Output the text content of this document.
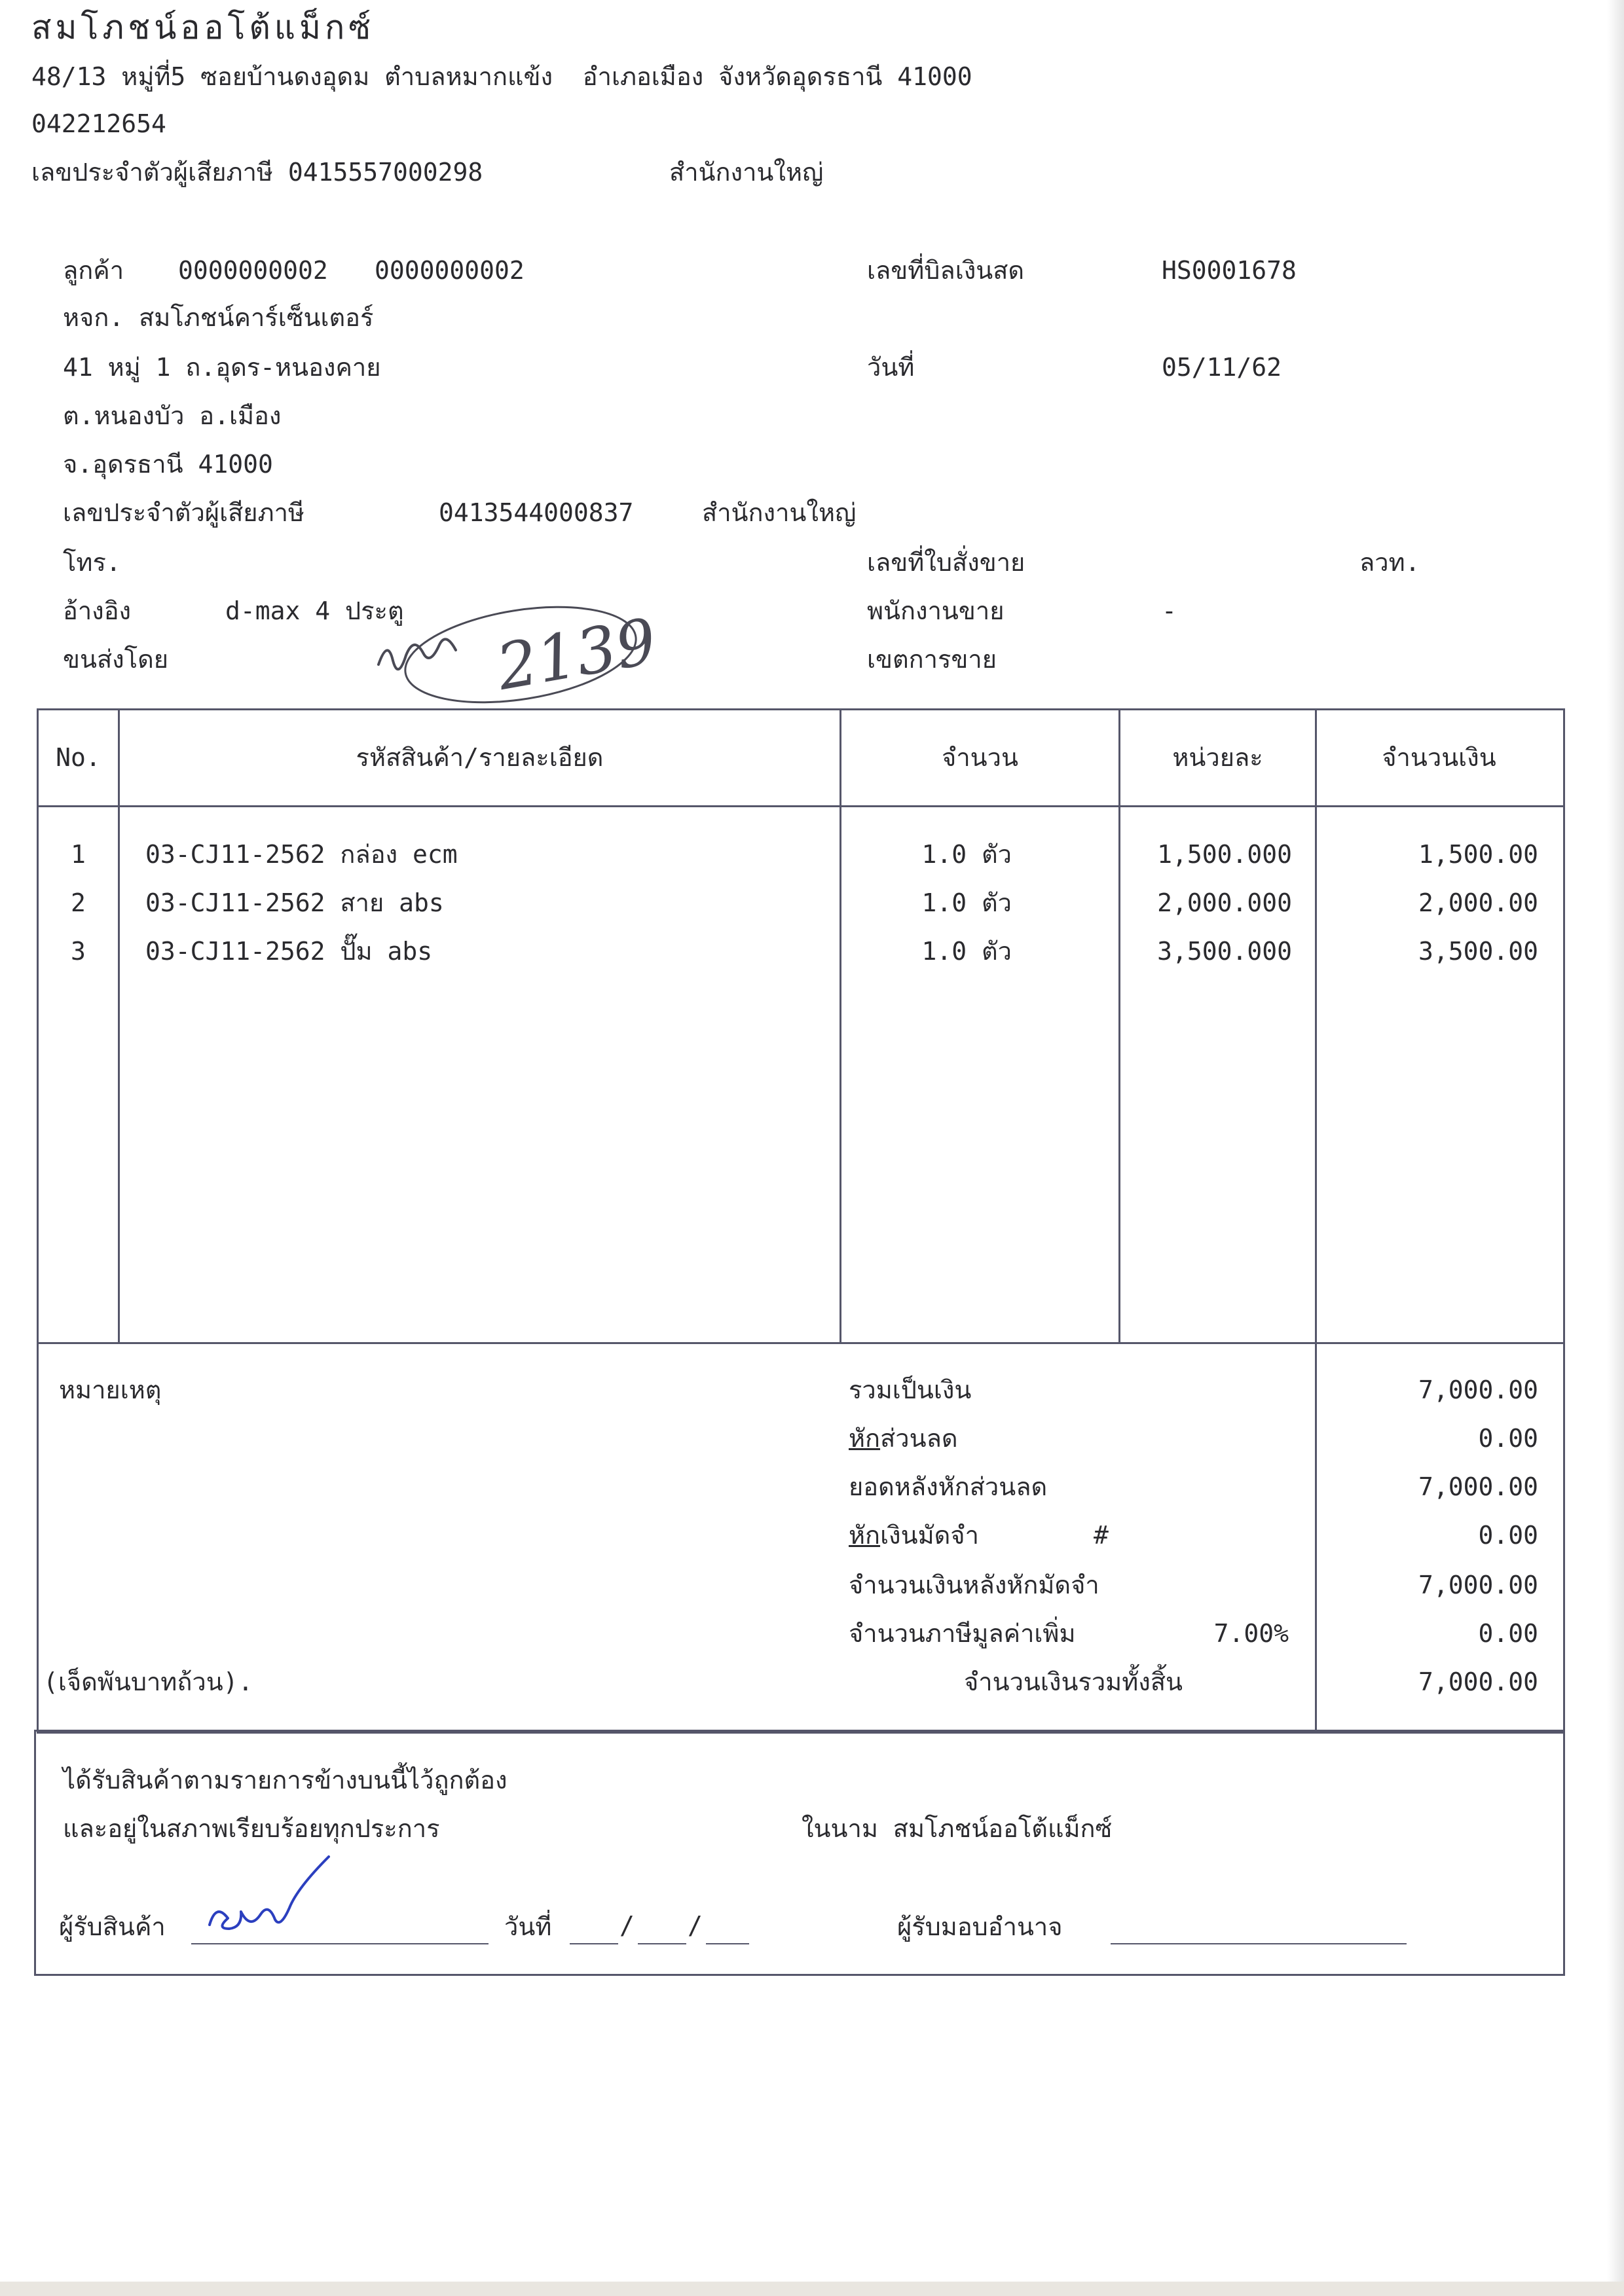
สมโภชน์ออโต้แม็กซ์
48/13 หมู่ที่5 ซอยบ้านดงอุดม ตำบลหมากแข้ง  อำเภอเมือง จังหวัดอุดรธานี 41000
042212654
เลขประจำตัวผู้เสียภาษี 0415557000298	สำนักงานใหญ่
ลูกค้า 0000000002 0000000002
หจก. สมโภชน์คาร์เซ็นเตอร์
41 หมู่ 1 ถ.อุดร-หนองคาย
ต.หนองบัว อ.เมือง
จ.อุดรธานี 41000
เลขประจำตัวผู้เสียภาษี	0413544000837	สำนักงานใหญ่
โทร.
อ้างอิง	d-max 4 ประตู
ขนส่งโดย
เลขที่บิลเงินสด	HS0001678
วันที่	05/11/62
เลขที่ใบสั่งขาย	ลวท.
พนักงานขาย	-
เขตการขาย
2139
No.	รหัสสินค้า/รายละเอียด	จำนวน	หน่วยละ	จำนวนเงิน
1	03-CJ11-2562 กล่อง ecm	1.0 ตัว	1,500.000	1,500.00
2	03-CJ11-2562 สาย abs	1.0 ตัว	2,000.000	2,000.00
3	03-CJ11-2562 ปั๊ม abs	1.0 ตัว	3,500.000	3,500.00
หมายเหตุ
(เจ็ดพันบาทถ้วน).
รวมเป็นเงิน	7,000.00
หักส่วนลด	0.00
ยอดหลังหักส่วนลด	7,000.00
หักเงินมัดจำ	#	0.00
จำนวนเงินหลังหักมัดจำ	7,000.00
จำนวนภาษีมูลค่าเพิ่ม	7.00%	0.00
จำนวนเงินรวมทั้งสิ้น	7,000.00
ได้รับสินค้าตามรายการข้างบนนี้ไว้ถูกต้อง
และอยู่ในสภาพเรียบร้อยทุกประการ	ในนาม สมโภชน์ออโต้แม็กซ์
ผู้รับสินค้า	วันที่	/ /	ผู้รับมอบอำนาจ
